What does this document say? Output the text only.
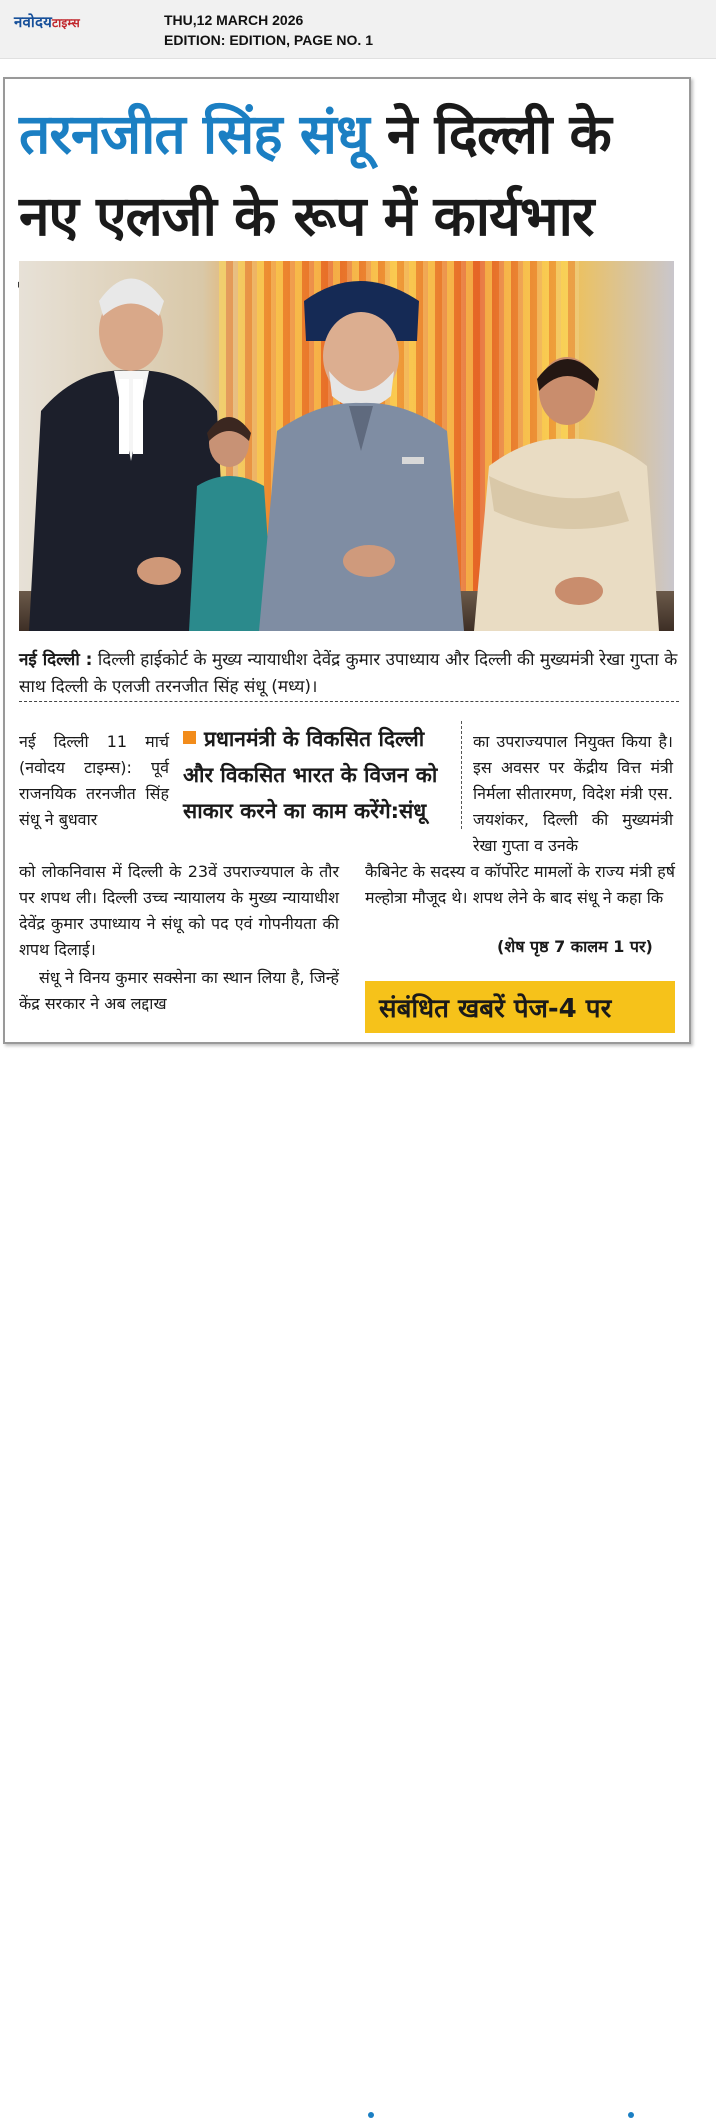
नवोदयटाइम्स	THU,12 MARCH 2026
EDITION: EDITION, PAGE NO. 1
तरनजीत सिंह संधू ने दिल्ली के नए एलजी के रूप में कार्यभार
नई दिल्ली : दिल्ली हाईकोर्ट के मुख्य न्यायाधीश देवेंद्र कुमार उपाध्याय और दिल्ली की मुख्यमंत्री रेखा गुप्ता के साथ दिल्ली के एलजी तरनजीत सिंह संधू (मध्य)।
नई दिल्ली 11 मार्च (नवोदय टाइम्स): पूर्व राजनयिक तरनजीत सिंह संधू ने बुधवार
प्रधानमंत्री के विकसित दिल्ली और विकसित भारत के विजन को साकार करने का काम करेंगे:संधू
का उपराज्यपाल नियुक्त किया है। इस अवसर पर केंद्रीय वित्त मंत्री निर्मला सीतारमण, विदेश मंत्री एस. जयशंकर, दिल्ली की मुख्यमंत्री रेखा गुप्ता व उनके
को लोकनिवास में दिल्ली के 23वें उपराज्यपाल के तौर पर शपथ ली। दिल्ली उच्च न्यायालय के मुख्य न्यायाधीश देवेंद्र कुमार उपाध्याय ने संधू को पद एवं गोपनीयता की शपथ दिलाई।
संधू ने विनय कुमार सक्सेना का स्थान लिया है, जिन्हें केंद्र सरकार ने अब लद्दाख
कैबिनेट के सदस्य व कॉर्पोरेट मामलों के राज्य मंत्री हर्ष मल्होत्रा मौजूद थे। शपथ लेने के बाद संधू ने कहा कि
(शेष पृष्ठ 7 कालम 1 पर)
संबंधित खबरें पेज-4 पर
